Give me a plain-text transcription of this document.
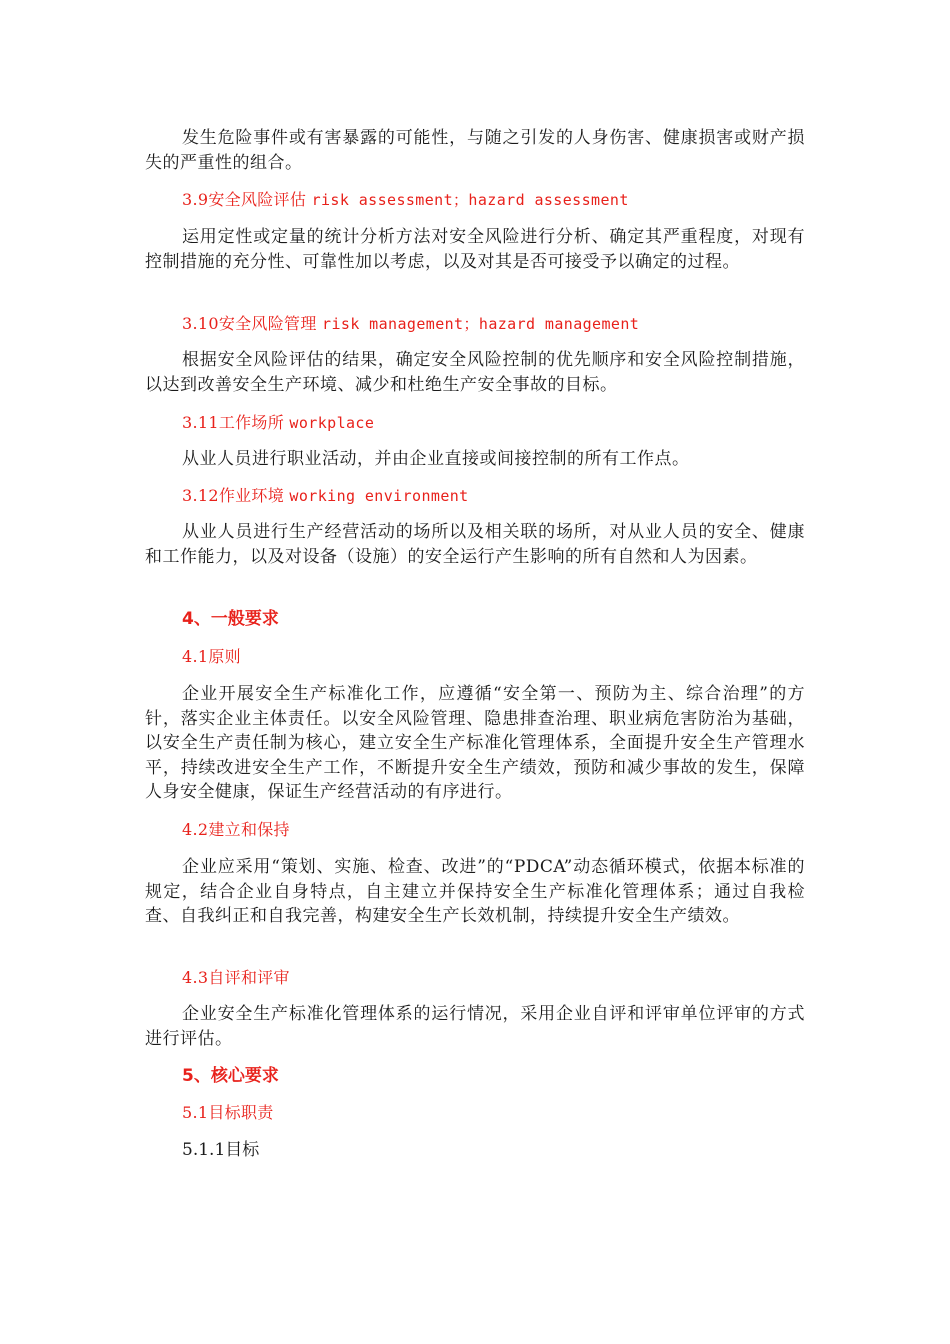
发生危险事件或有害暴露的可能性，与随之引发的人身伤害、健康损害或财产损失的严重性的组合。

3.9安全风险评估 risk assessment；hazard assessment

运用定性或定量的统计分析方法对安全风险进行分析、确定其严重程度，对现有控制措施的充分性、可靠性加以考虑，以及对其是否可接受予以确定的过程。

3.10安全风险管理 risk management；hazard management

根据安全风险评估的结果，确定安全风险控制的优先顺序和安全风险控制措施，以达到改善安全生产环境、减少和杜绝生产安全事故的目标。

3.11工作场所 workplace

从业人员进行职业活动，并由企业直接或间接控制的所有工作点。

3.12作业环境 working environment

从业人员进行生产经营活动的场所以及相关联的场所，对从业人员的安全、健康和工作能力，以及对设备（设施）的安全运行产生影响的所有自然和人为因素。

4、一般要求
4.1原则

企业开展安全生产标准化工作，应遵循“安全第一、预防为主、综合治理”的方针，落实企业主体责任。以安全风险管理、隐患排查治理、职业病危害防治为基础，以安全生产责任制为核心，建立安全生产标准化管理体系，全面提升安全生产管理水平，持续改进安全生产工作，不断提升安全生产绩效，预防和减少事故的发生，保障人身安全健康，保证生产经营活动的有序进行。

4.2建立和保持

企业应采用“策划、实施、检查、改进”的“PDCA”动态循环模式，依据本标准的规定，结合企业自身特点，自主建立并保持安全生产标准化管理体系；通过自我检查、自我纠正和自我完善，构建安全生产长效机制，持续提升安全生产绩效。

4.3自评和评审

企业安全生产标准化管理体系的运行情况，采用企业自评和评审单位评审的方式进行评估。

5、核心要求
5.1目标职责
5.1.1目标
